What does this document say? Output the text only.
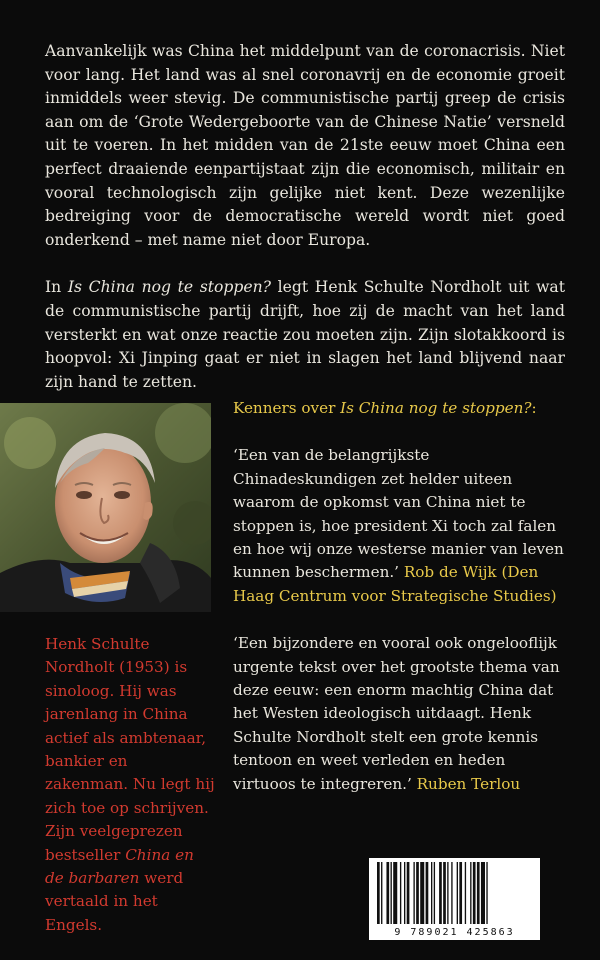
Aanvankelijk was China het middelpunt van de coronacrisis. Niet voor lang. Het land was al snel coronavrij en de economie groeit inmiddels weer stevig. De communistische partij greep de crisis aan om de ‘Grote Wedergeboorte van de Chinese Natie’ versneld uit te voeren. In het midden van de 21ste eeuw moet China een perfect draaiende eenpartijstaat zijn die economisch, militair en vooral technologisch zijn gelijke niet kent. Deze wezenlijke bedreiging voor de democratische wereld wordt niet goed onderkend – met name niet door Europa.

In Is China nog te stoppen? legt Henk Schulte Nordholt uit wat de communistische partij drijft, hoe zij de macht van het land versterkt en wat onze reactie zou moeten zijn. Zijn slotakkoord is hoopvol: Xi Jinping gaat er niet in slagen het land blijvend naar zijn hand te zetten.

Kenners over Is China nog te stoppen?:

‘Een van de belangrijkste Chinadeskundigen zet helder uiteen waarom de opkomst van China niet te stoppen is, hoe president Xi toch zal falen en hoe wij onze westerse manier van leven kunnen beschermen.’ Rob de Wijk (Den Haag Centrum voor Strategische Studies)

‘Een bijzondere en vooral ook ongelooflijk urgente tekst over het grootste thema van deze eeuw: een enorm machtig China dat het Westen ideologisch uitdaagt. Henk Schulte Nordholt stelt een grote kennis tentoon en weet verleden en heden virtuoos te integreren.’ Ruben Terlou

Henk Schulte Nordholt (1953) is sinoloog. Hij was jarenlang in China actief als ambtenaar, bankier en zakenman. Nu legt hij zich toe op schrijven. Zijn veelgeprezen bestseller China en de barbaren werd vertaald in het Engels.	9 789021 425863
